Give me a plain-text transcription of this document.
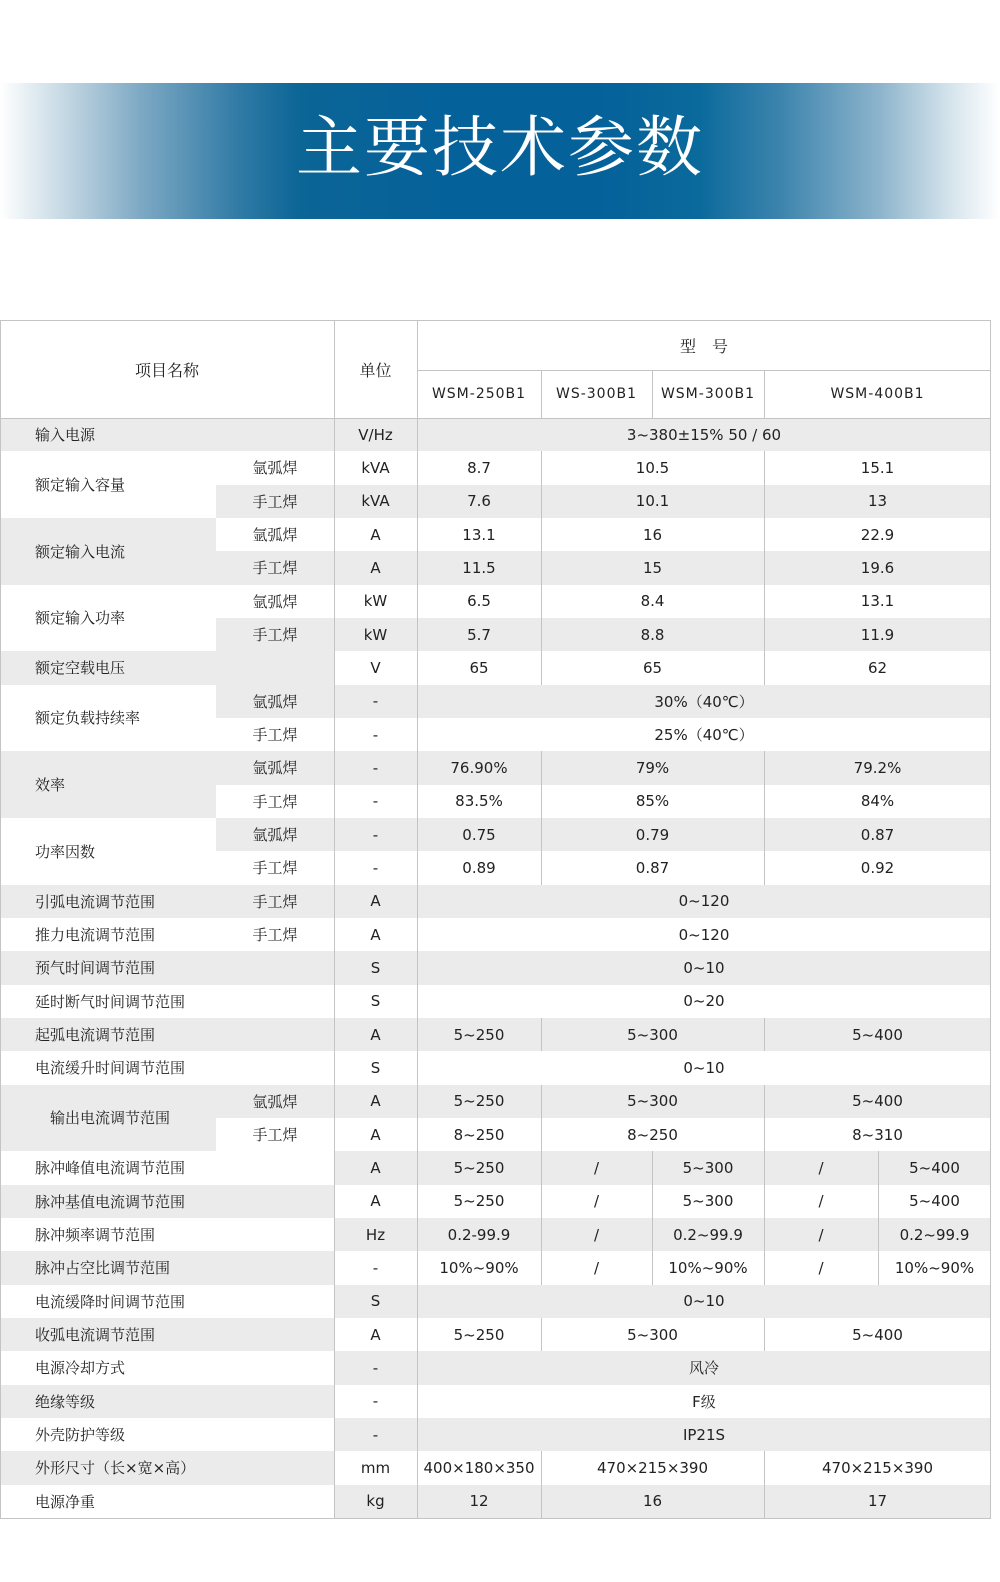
主要技术参数
项目名称	单位
型　号
WSM-250B1	WS-300B1	WSM-300B1	WSM-400B1
输入电源	V/Hz	3~380±15% 50 / 60
额定输入容量
氩弧焊	kVA	8.7	10.5	15.1
手工焊	kVA	7.6	10.1	13
额定输入电流
氩弧焊	A	13.1	16	22.9
手工焊	A	11.5	15	19.6
额定输入功率
氩弧焊	kW	6.5	8.4	13.1
手工焊	kW	5.7	8.8	11.9
额定空载电压	V	65	65	62
额定负载持续率
氩弧焊	-	30%（40℃）
手工焊	-	25%（40℃）
效率
氩弧焊	-	76.90%	79%	79.2%
手工焊	-	83.5%	85%	84%
功率因数
氩弧焊	-	0.75	0.79	0.87
手工焊	-	0.89	0.87	0.92
引弧电流调节范围	手工焊	A	0~120
推力电流调节范围	手工焊	A	0~120
预气时间调节范围	S	0~10
延时断气时间调节范围	S	0~20
起弧电流调节范围	A	5~250	5~300	5~400
电流缓升时间调节范围	S	0~10
输出电流调节范围
氩弧焊	A	5~250	5~300	5~400
手工焊	A	8~250	8~250	8~310
脉冲峰值电流调节范围	A	5~250	/	5~300	/	5~400
脉冲基值电流调节范围	A	5~250	/	5~300	/	5~400
脉冲频率调节范围	Hz	0.2-99.9	/	0.2~99.9	/	0.2~99.9
脉冲占空比调节范围	-	10%~90%	/	10%~90%	/	10%~90%
电流缓降时间调节范围	S	0~10
收弧电流调节范围	A	5~250	5~300	5~400
电源冷却方式	-	风冷
绝缘等级	-	F级
外壳防护等级	-	IP21S
外形尺寸（长×宽×高）	mm	400×180×350	470×215×390	470×215×390
电源净重	kg	12	16	17
